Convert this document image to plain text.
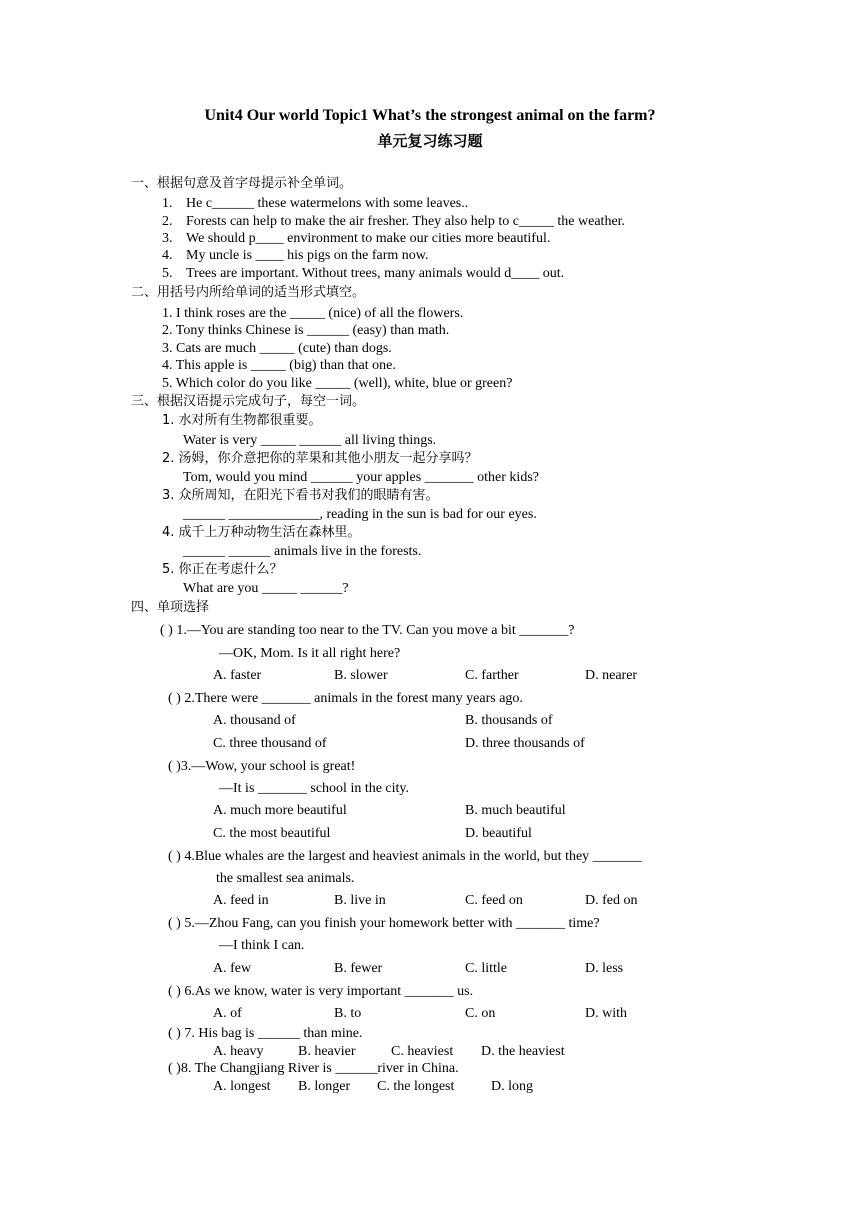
Unit4 Our world Topic1 What’s the strongest animal on the farm?
单元复习练习题
一、根据句意及首字母提示补全单词。
1. He c______ these watermelons with some leaves..
2. Forests can help to make the air fresher. They also help to c_____ the weather.
3. We should p____ environment to make our cities more beautiful.
4. My uncle is ____ his pigs on the farm now.
5. Trees are important. Without trees, many animals would d____ out.
二、用括号内所给单词的适当形式填空。
1. I think roses are the _____ (nice) of all the flowers.
2. Tony thinks Chinese is ______ (easy) than math.
3. Cats are much _____ (cute) than dogs.
4. This apple is _____ (big) than that one.
5. Which color do you like _____ (well), white, blue or green?
三、根据汉语提示完成句子，每空一词。
1. 水对所有生物都很重要。
Water is very _____ ______ all living things.
2. 汤姆，你介意把你的苹果和其他小朋友一起分享吗？
Tom, would you mind ______ your apples _______ other kids?
3. 众所周知，在阳光下看书对我们的眼睛有害。
______ _____________, reading in the sun is bad for our eyes.
4. 成千上万种动物生活在森林里。
______ ______ animals live in the forests.
5. 你正在考虑什么？
What are you _____ ______?
四、单项选择
( ) 1.—You are standing too near to the TV. Can you move a bit _______?
—OK, Mom. Is it all right here?
A. faster	B. slower	C. farther	D. nearer
( ) 2.There were _______ animals in the forest many years ago.
A. thousand of	B. thousands of
C. three thousand of	D. three thousands of
( )3.—Wow, your school is great!
—It is _______ school in the city.
A. much more beautiful	B. much beautiful
C. the most beautiful	D. beautiful
( ) 4.Blue whales are the largest and heaviest animals in the world, but they _______
the smallest sea animals.
A. feed in	B. live in	C. feed on	D. fed on
( ) 5.—Zhou Fang, can you finish your homework better with _______ time?
—I think I can.
A. few	B. fewer	C. little	D. less
( ) 6.As we know, water is very important _______ us.
A. of	B. to	C. on	D. with
( ) 7. His bag is ______ than mine.
A. heavy B. heavier	C. heaviest D. the heaviest
( )8. The Changjiang River is ______river in China.
A. longest B. longer C. the longest	D. long
